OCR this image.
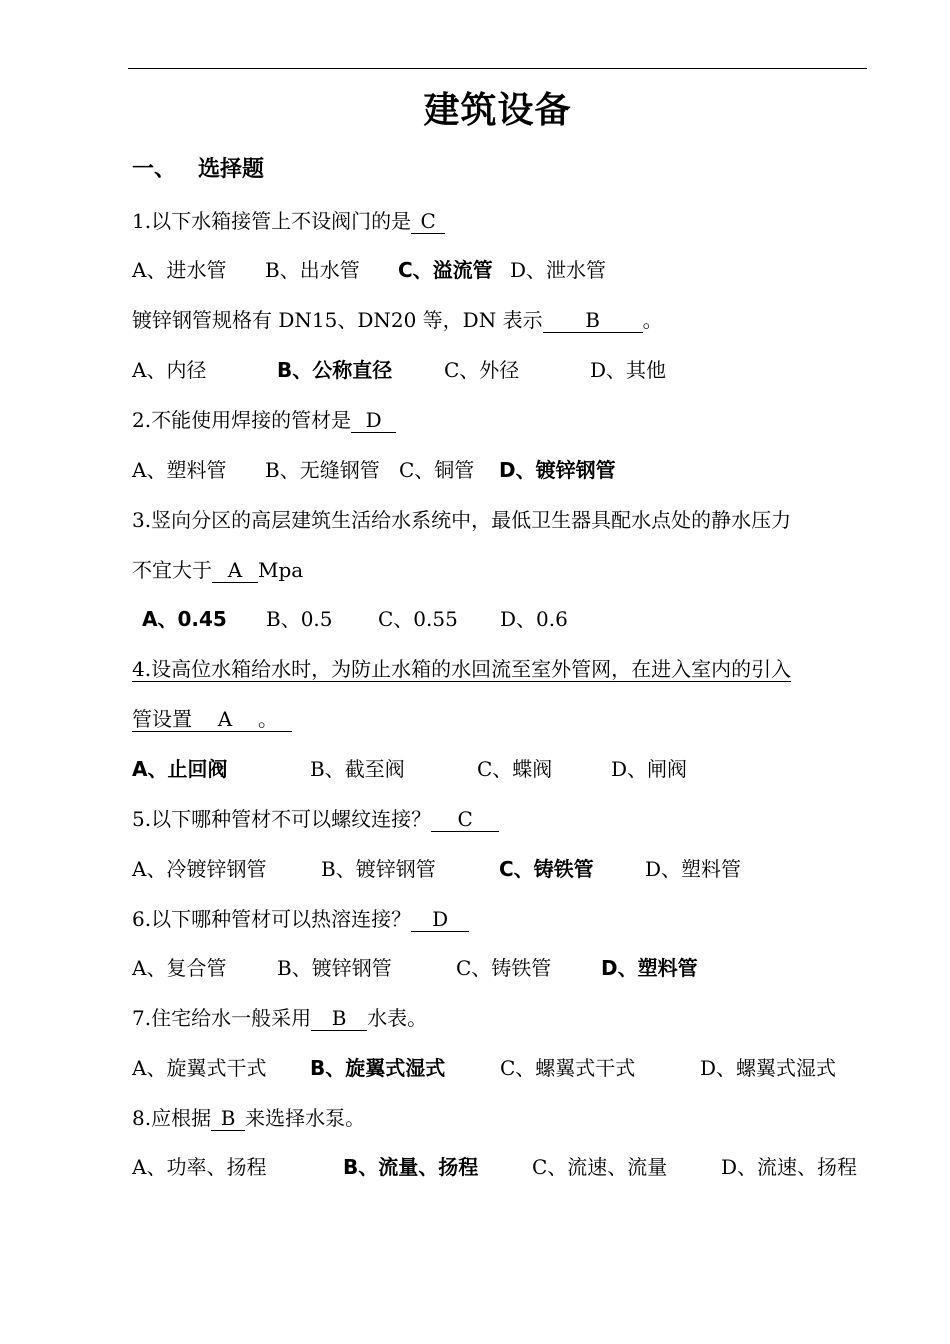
建筑设备
一、 选择题
1.以下水箱接管上不设阀门的是 C
A、进水管 B、出水管 C、溢流管 D、泄水管
镀锌钢管规格有 DN15、DN20 等，DN 表示 B 。
A、内径	B、公称直径	C、外径	D、其他
2.不能使用焊接的管材是 D
A、塑料管 B、无缝钢管 C、铜管 D、镀锌钢管
3.竖向分区的高层建筑生活给水系统中，最低卫生器具配水点处的静水压力
不宜大于 A Mpa
A、0.45 B、0.5 C、0.55 D、0.6
4.设高位水箱给水时，为防止水箱的水回流至室外管网，在进入室内的引入
管设置 A 。
A、止回阀	B、截至阀	C、蝶阀	D、闸阀
5.以下哪种管材不可以螺纹连接？ C
A、冷镀锌钢管	B、镀锌钢管	C、铸铁管	D、塑料管
6.以下哪种管材可以热溶连接？ D
A、复合管	B、镀锌钢管	C、铸铁管 D、塑料管
7.住宅给水一般采用 B 水表。
A、旋翼式干式 B、旋翼式湿式	C、螺翼式干式	D、螺翼式湿式
8.应根据 B 来选择水泵。
A、功率、扬程	B、流量、扬程	C、流速、流量	D、流速、扬程
